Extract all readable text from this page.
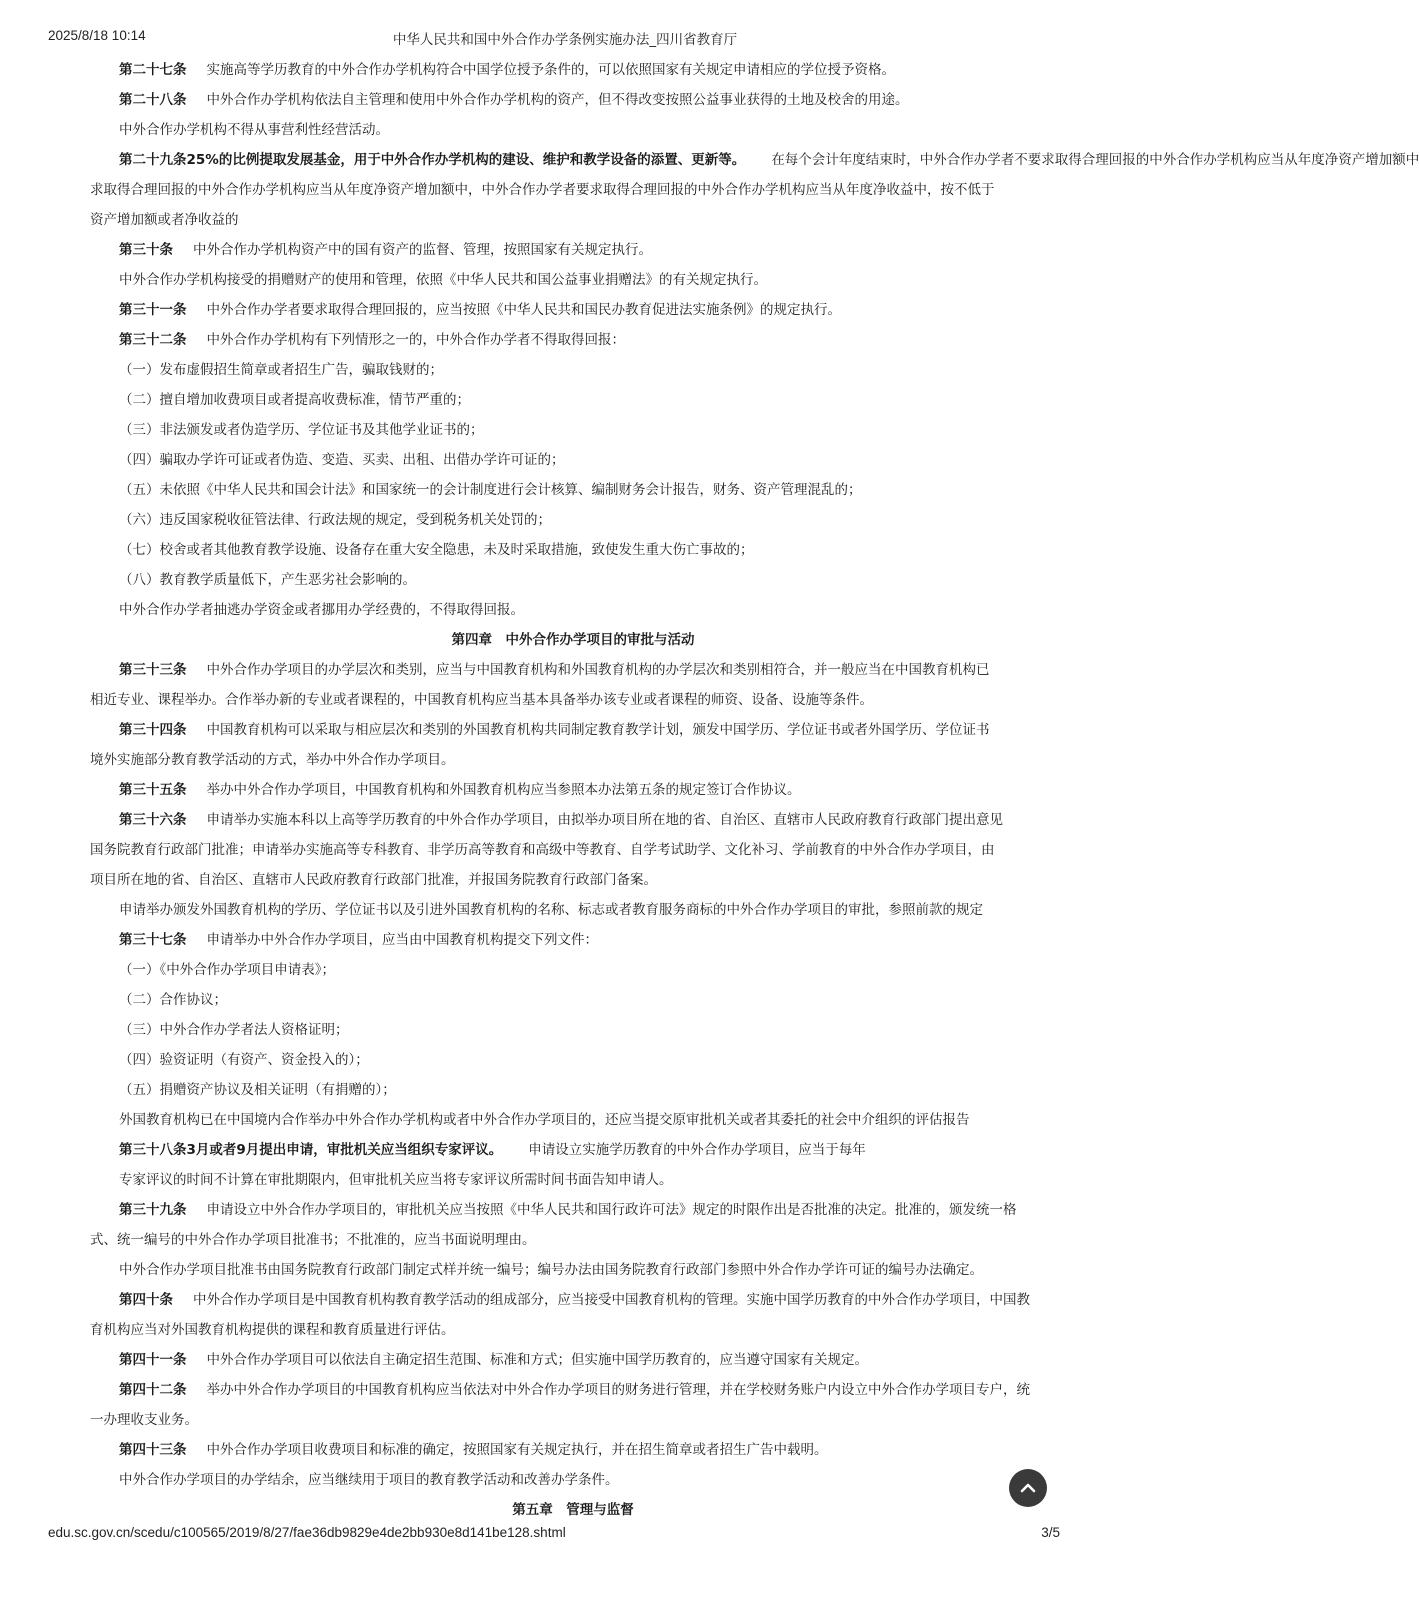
2025/8/18 10:14	中华人民共和国中外合作办学条例实施办法_四川省教育厅
第二十七条 实施高等学历教育的中外合作办学机构符合中国学位授予条件的，可以依照国家有关规定申请相应的学位授予资格。
第二十八条 中外合作办学机构依法自主管理和使用中外合作办学机构的资产，但不得改变按照公益事业获得的土地及校舍的用途。
中外合作办学机构不得从事营利性经营活动。
第二十九条25%的比例提取发展基金，用于中外合作办学机构的建设、维护和教学设备的添置、更新等。 在每个会计年度结束时，中外合作办学者不要求取得合理回报的中外合作办学机构应当从年度净资产增加额中
求取得合理回报的中外合作办学机构应当从年度净资产增加额中，中外合作办学者要求取得合理回报的中外合作办学机构应当从年度净收益中，按不低于
资产增加额或者净收益的
第三十条 中外合作办学机构资产中的国有资产的监督、管理，按照国家有关规定执行。
中外合作办学机构接受的捐赠财产的使用和管理，依照《中华人民共和国公益事业捐赠法》的有关规定执行。
第三十一条 中外合作办学者要求取得合理回报的，应当按照《中华人民共和国民办教育促进法实施条例》的规定执行。
第三十二条 中外合作办学机构有下列情形之一的，中外合作办学者不得取得回报：
（一）发布虚假招生简章或者招生广告，骗取钱财的；
（二）擅自增加收费项目或者提高收费标准，情节严重的；
（三）非法颁发或者伪造学历、学位证书及其他学业证书的；
（四）骗取办学许可证或者伪造、变造、买卖、出租、出借办学许可证的；
（五）未依照《中华人民共和国会计法》和国家统一的会计制度进行会计核算、编制财务会计报告，财务、资产管理混乱的；
（六）违反国家税收征管法律、行政法规的规定，受到税务机关处罚的；
（七）校舍或者其他教育教学设施、设备存在重大安全隐患，未及时采取措施，致使发生重大伤亡事故的；
（八）教育教学质量低下，产生恶劣社会影响的。
中外合作办学者抽逃办学资金或者挪用办学经费的，不得取得回报。
第四章　中外合作办学项目的审批与活动
第三十三条 中外合作办学项目的办学层次和类别，应当与中国教育机构和外国教育机构的办学层次和类别相符合，并一般应当在中国教育机构已
相近专业、课程举办。合作举办新的专业或者课程的，中国教育机构应当基本具备举办该专业或者课程的师资、设备、设施等条件。
第三十四条 中国教育机构可以采取与相应层次和类别的外国教育机构共同制定教育教学计划，颁发中国学历、学位证书或者外国学历、学位证书
境外实施部分教育教学活动的方式，举办中外合作办学项目。
第三十五条 举办中外合作办学项目，中国教育机构和外国教育机构应当参照本办法第五条的规定签订合作协议。
第三十六条 申请举办实施本科以上高等学历教育的中外合作办学项目，由拟举办项目所在地的省、自治区、直辖市人民政府教育行政部门提出意见
国务院教育行政部门批准；申请举办实施高等专科教育、非学历高等教育和高级中等教育、自学考试助学、文化补习、学前教育的中外合作办学项目，由
项目所在地的省、自治区、直辖市人民政府教育行政部门批准，并报国务院教育行政部门备案。
申请举办颁发外国教育机构的学历、学位证书以及引进外国教育机构的名称、标志或者教育服务商标的中外合作办学项目的审批，参照前款的规定
第三十七条 申请举办中外合作办学项目，应当由中国教育机构提交下列文件：
（一）《中外合作办学项目申请表》；
（二）合作协议；
（三）中外合作办学者法人资格证明；
（四）验资证明（有资产、资金投入的）；
（五）捐赠资产协议及相关证明（有捐赠的）；
外国教育机构已在中国境内合作举办中外合作办学机构或者中外合作办学项目的，还应当提交原审批机关或者其委托的社会中介组织的评估报告
第三十八条3月或者9月提出申请，审批机关应当组织专家评议。 申请设立实施学历教育的中外合作办学项目，应当于每年
专家评议的时间不计算在审批期限内，但审批机关应当将专家评议所需时间书面告知申请人。
第三十九条 申请设立中外合作办学项目的，审批机关应当按照《中华人民共和国行政许可法》规定的时限作出是否批准的决定。批准的，颁发统一格
式、统一编号的中外合作办学项目批准书；不批准的，应当书面说明理由。
中外合作办学项目批准书由国务院教育行政部门制定式样并统一编号；编号办法由国务院教育行政部门参照中外合作办学许可证的编号办法确定。
第四十条 中外合作办学项目是中国教育机构教育教学活动的组成部分，应当接受中国教育机构的管理。实施中国学历教育的中外合作办学项目，中国教
育机构应当对外国教育机构提供的课程和教育质量进行评估。
第四十一条 中外合作办学项目可以依法自主确定招生范围、标准和方式；但实施中国学历教育的，应当遵守国家有关规定。
第四十二条 举办中外合作办学项目的中国教育机构应当依法对中外合作办学项目的财务进行管理，并在学校财务账户内设立中外合作办学项目专户，统
一办理收支业务。
第四十三条 中外合作办学项目收费项目和标准的确定，按照国家有关规定执行，并在招生简章或者招生广告中载明。
中外合作办学项目的办学结余，应当继续用于项目的教育教学活动和改善办学条件。
第五章　管理与监督
edu.sc.gov.cn/scedu/c100565/2019/8/27/fae36db9829e4de2bb930e8d141be128.shtml	3/5
